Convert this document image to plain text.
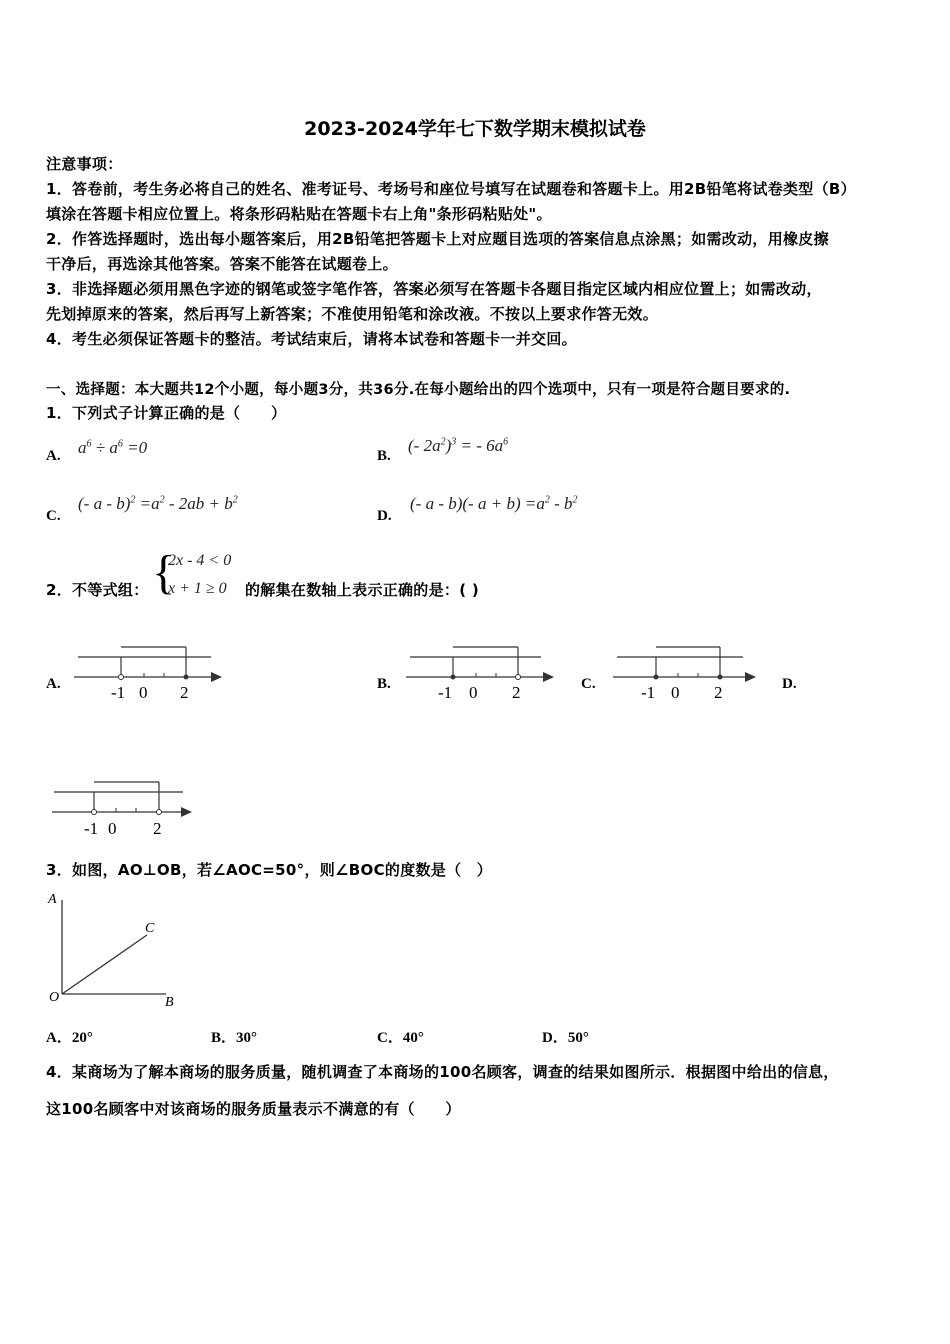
2023-2024学年七下数学期末模拟试卷
注意事项：
1．答卷前，考生务必将自己的姓名、准考证号、考场号和座位号填写在试题卷和答题卡上。用2B铅笔将试卷类型（B）
填涂在答题卡相应位置上。将条形码粘贴在答题卡右上角"条形码粘贴处"。
2．作答选择题时，选出每小题答案后，用2B铅笔把答题卡上对应题目选项的答案信息点涂黑；如需改动，用橡皮擦
干净后，再选涂其他答案。答案不能答在试题卷上。
3．非选择题必须用黑色字迹的钢笔或签字笔作答，答案必须写在答题卡各题目指定区域内相应位置上；如需改动，
先划掉原来的答案，然后再写上新答案；不准使用铅笔和涂改液。不按以上要求作答无效。
4．考生必须保证答题卡的整洁。考试结束后，请将本试卷和答题卡一并交回。
一、选择题：本大题共12个小题，每小题3分，共36分.在每小题给出的四个选项中，只有一项是符合题目要求的.
1．下列式子计算正确的是（　　）
A. $a^6 \div a^6 =0$	B.
(- $2a^2)^3$ = - $6a^6$
C.
(- $a - b)^2 =a^2 - 2ab + b^2$
D.
(- a - b)(- $a + b) =a^2 - b^2$
2．不等式组： {
2x - 4 < 0
x + 1 ≥ 0 的解集在数轴上表示正确的是：( )
A.	-1 0 2	B.	-1 0 2	C.	-1 0 2	D.
-1 0 2
3．如图，AO⊥OB，若∠AOC=50°，则∠BOC的度数是（　）
A
C
O	B
A．20°	B．30°	C．40°	D．50°
4．某商场为了解本商场的服务质量，随机调查了本商场的100名顾客，调查的结果如图所示．根据图中给出的信息，
这100名顾客中对该商场的服务质量表示不满意的有（　　）
